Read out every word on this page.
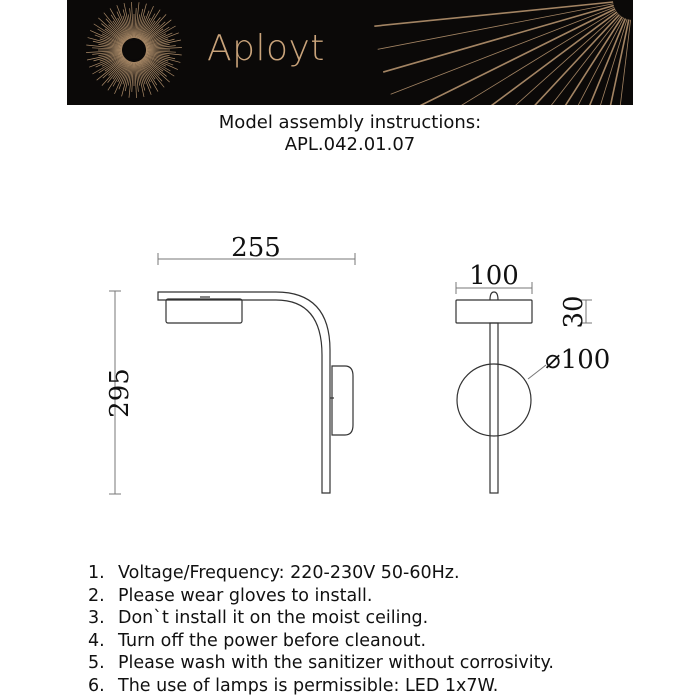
Aployt
Model assembly instructions:
APL.042.01.07
255
295
100
30
⌀100
1. Voltage/Frequency: 220-230V 50-60Hz.
2. Please wear gloves to install.
3. Don`t install it on the moist ceiling.
4. Turn off the power before cleanout.
5. Please wash with the sanitizer without corrosivity.
6. The use of lamps is permissible: LED 1x7W.
